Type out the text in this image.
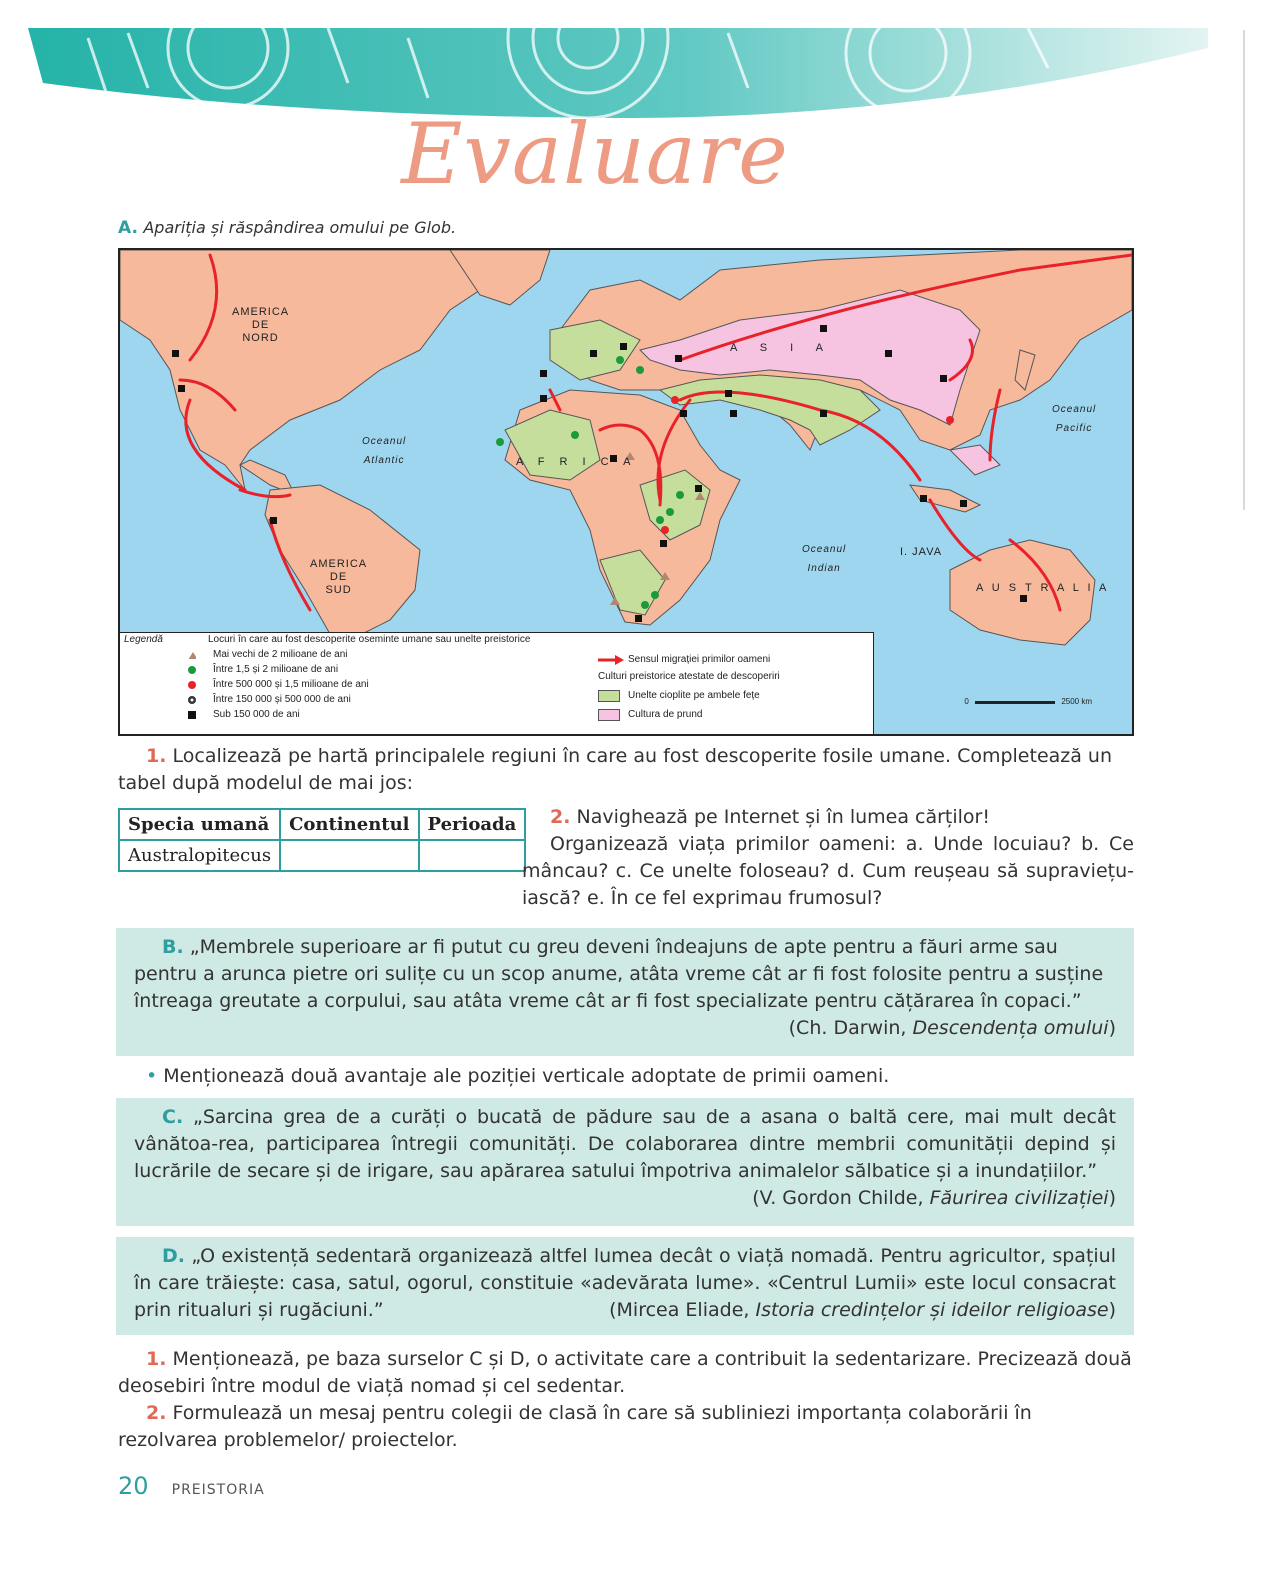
Evaluare
A. Apariția și răspândirea omului pe Glob.
AMERICA
DE
NORD
AMERICA
DE
SUD
A F R I C A
A S I A
A U S T R A L I A
I. JAVA
Oceanul
Atlantic
Oceanul
Indian
Oceanul
Pacific
0	2500 km
Legendă	Locuri în care au fost descoperite oseminte umane sau unelte preistorice
Mai vechi de 2 milioane de ani
Între 1,5 și 2 milioane de ani
Între 500 000 și 1,5 milioane de ani
Între 150 000 și 500 000 de ani
Sub 150 000 de ani
Sensul migrației primilor oameni
Culturi preistorice atestate de descoperiri
Unelte cioplite pe ambele fețe
Cultura de prund
1. Localizează pe hartă principalele regiuni în care au fost descoperite fosile umane. Completează un tabel după modelul de mai jos:
Specia umană	Continentul	Perioada
Australopitecus		
2. Navighează pe Internet și în lumea cărților!
Organizează viața primilor oameni: a. Unde locuiau? b. Ce mâncau? c. Ce unelte foloseau? d. Cum reușeau să supraviețu-iască? e. În ce fel exprimau frumosul?
B. „Membrele superioare ar fi putut cu greu deveni îndeajuns de apte pentru a făuri arme sau pentru a arunca pietre ori sulițe cu un scop anume, atâta vreme cât ar fi fost folosite pentru a susține întreaga greutate a corpului, sau atâta vreme cât ar fi fost specializate pentru cățărarea în copaci.”
(Ch. Darwin, Descendența omului)
• Menționează două avantaje ale poziției verticale adoptate de primii oameni.
C. „Sarcina grea de a curăți o bucată de pădure sau de a asana o baltă cere, mai mult decât vânătoa-rea, participarea întregii comunități. De colaborarea dintre membrii comunității depind și lucrările de secare și de irigare, sau apărarea satului împotriva animalelor sălbatice și a inundațiilor.”
(V. Gordon Childe, Făurirea civilizației)
D. „O existență sedentară organizează altfel lumea decât o viață nomadă. Pentru agricultor, spațiul în care trăiește: casa, satul, ogorul, constituie «adevărata lume». «Centrul Lumii» este locul consacrat prin ritualuri și rugăciuni.”	(Mircea Eliade, Istoria credințelor și ideilor religioase)
1. Menționează, pe baza surselor C și D, o activitate care a contribuit la sedentarizare. Precizează două deosebiri între modul de viață nomad și cel sedentar.
2. Formulează un mesaj pentru colegii de clasă în care să subliniezi importanța colaborării în rezolvarea problemelor/ proiectelor.
20 PREISTORIA
